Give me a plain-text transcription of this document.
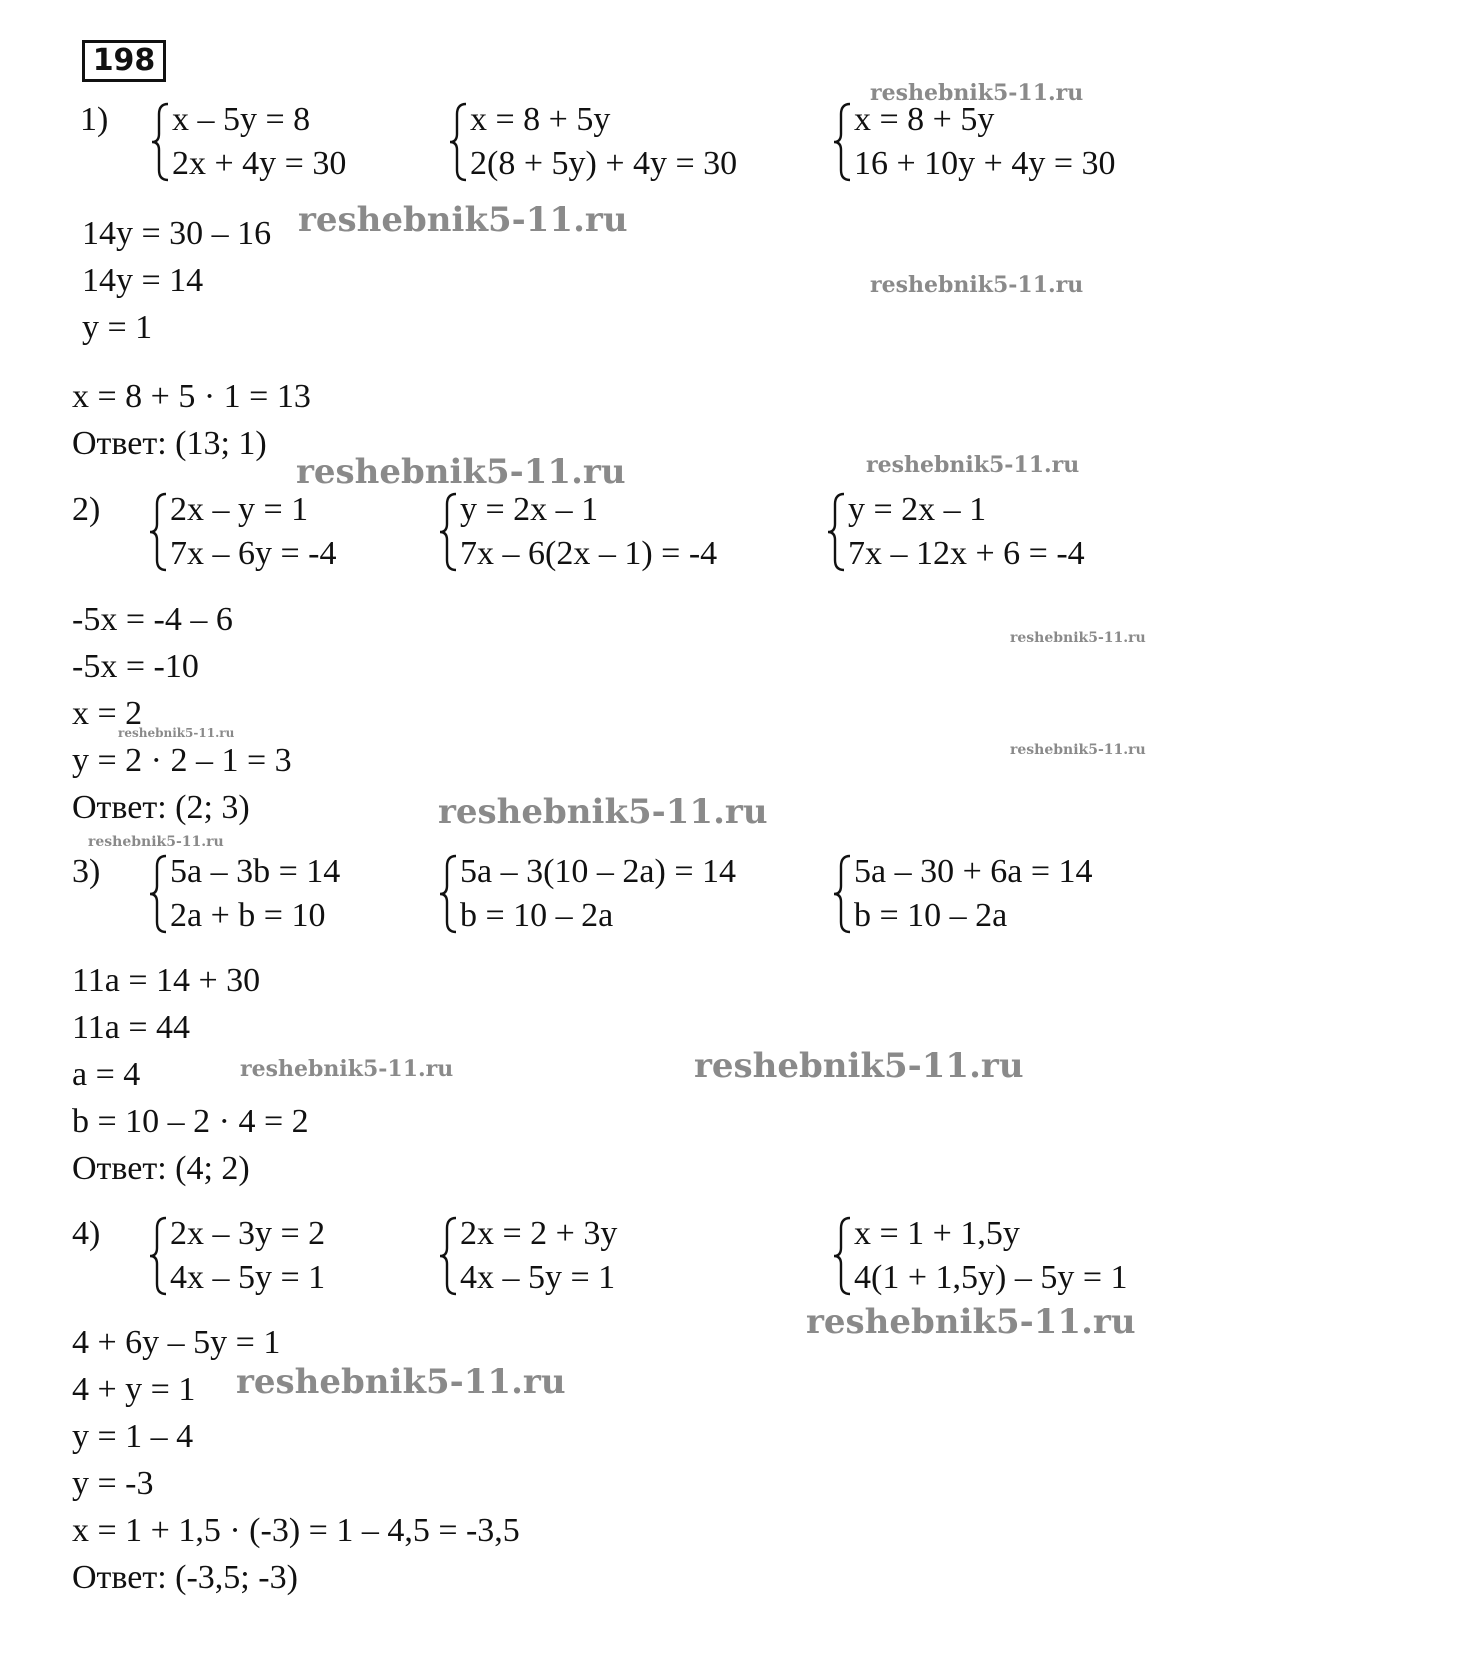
198
1) x – 5y = 8
2x + 4y = 30
x = 8 + 5y
2(8 + 5y) + 4y = 30
x = 8 + 5y
16 + 10y + 4y = 30
14y = 30 – 16
14y = 14
y = 1
x = 8 + 5 · 1 = 13
Ответ: (13; 1)
2) 2x – y = 1
7x – 6y = -4
y = 2x – 1
7x – 6(2x – 1) = -4
y = 2x – 1
7x – 12x + 6 = -4
-5x = -4 – 6
-5x = -10
x = 2
y = 2 · 2 – 1 = 3
Ответ: (2; 3)
3) 5a – 3b = 14
2a + b = 10
5a – 3(10 – 2a) = 14
b = 10 – 2a
5a – 30 + 6a = 14
b = 10 – 2a
11a = 14 + 30
11a = 44
a = 4
b = 10 – 2 · 4 = 2
Ответ: (4; 2)
4) 2x – 3y = 2
4x – 5y = 1
2x = 2 + 3y
4x – 5y = 1
x = 1 + 1,5y
4(1 + 1,5y) – 5y = 1
4 + 6y – 5y = 1
4 + y = 1
y = 1 – 4
y = -3
x = 1 + 1,5 · (-3) = 1 – 4,5 = -3,5
Ответ: (-3,5; -3)
reshebnik5-11.ru
reshebnik5-11.ru
reshebnik5-11.ru
reshebnik5-11.ru	reshebnik5-11.ru
reshebnik5-11.ru
reshebnik5-11.ru
reshebnik5-11.ru
reshebnik5-11.ru
reshebnik5-11.ru
reshebnik5-11.ru	reshebnik5-11.ru
reshebnik5-11.ru
reshebnik5-11.ru
